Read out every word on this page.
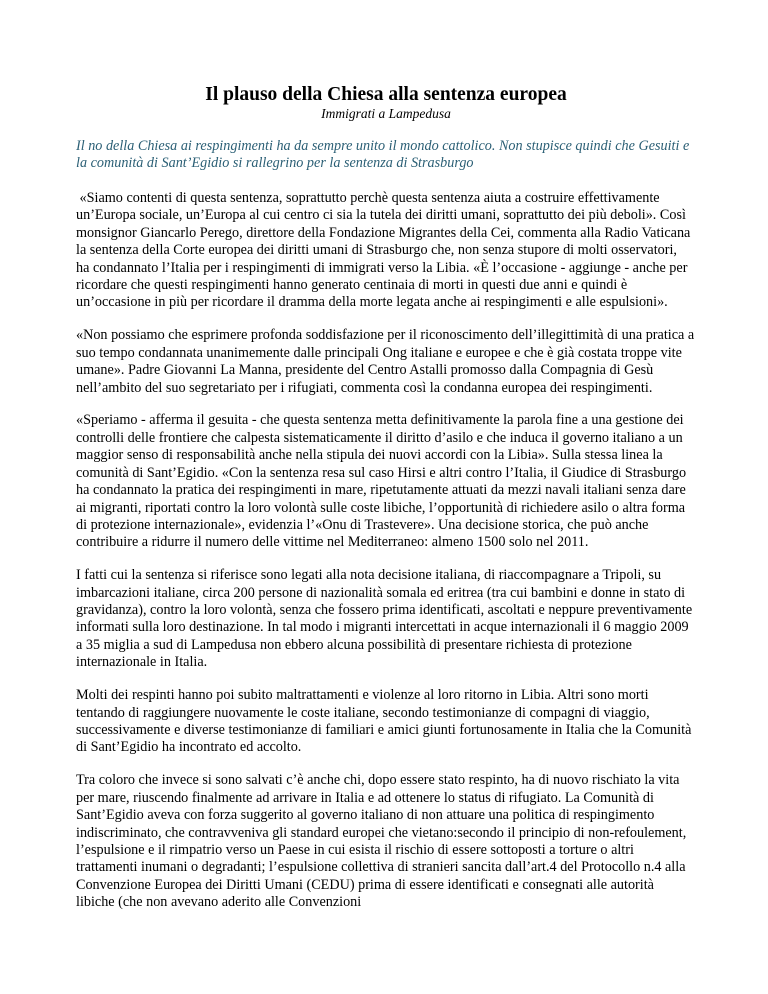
Il plauso della Chiesa alla sentenza europea
Immigrati a Lampedusa

Il no della Chiesa ai respingimenti ha da sempre unito il mondo cattolico. Non stupisce quindi che Gesuiti e la comunità di Sant’Egidio si rallegrino per la sentenza di Strasburgo

«Siamo contenti di questa sentenza, soprattutto perchè questa sentenza aiuta a costruire effettivamente un’Europa sociale, un’Europa al cui centro ci sia la tutela dei diritti umani, soprattutto dei più deboli». Così monsignor Giancarlo Perego, direttore della Fondazione Migrantes della Cei, commenta alla Radio Vaticana la sentenza della Corte europea dei diritti umani di Strasburgo che, non senza stupore di molti osservatori,  ha condannato l’Italia per i respingimenti di immigrati verso la Libia. «È l’occasione - aggiunge - anche per ricordare che questi respingimenti hanno generato centinaia di morti in questi due anni e quindi è un’occasione in più per ricordare il dramma della morte legata anche ai respingimenti e alle espulsioni».

«Non possiamo che esprimere profonda soddisfazione per il riconoscimento dell’illegittimità di una pratica a suo tempo condannata unanimemente dalle principali Ong italiane e europee e che è già costata troppe vite umane». Padre Giovanni La Manna, presidente del Centro Astalli promosso dalla Compagnia di Gesù nell’ambito del suo segretariato per i rifugiati, commenta così la condanna europea dei respingimenti.

«Speriamo - afferma il gesuita - che questa sentenza metta definitivamente la parola fine a una gestione dei controlli delle frontiere che calpesta sistematicamente il diritto d’asilo e che induca il governo italiano a un maggior senso di responsabilità anche nella stipula dei nuovi accordi con la Libia». Sulla stessa linea la comunità di Sant’Egidio. «Con la sentenza resa sul caso Hirsi e altri contro l’Italia, il Giudice di Strasburgo ha condannato la pratica dei respingimenti in mare, ripetutamente attuati da mezzi navali italiani senza dare ai migranti, riportati contro la loro volontà sulle coste libiche, l’opportunità di richiedere asilo o altra forma di protezione internazionale», evidenzia l’«Onu di Trastevere». Una decisione storica, che può anche contribuire a ridurre il numero delle vittime nel Mediterraneo: almeno 1500 solo nel 2011.

I fatti cui la sentenza si riferisce sono legati alla nota decisione italiana, di riaccompagnare a Tripoli, su imbarcazioni italiane, circa 200 persone di nazionalità somala ed eritrea (tra cui bambini e donne in stato di gravidanza), contro la loro volontà, senza che fossero prima identificati, ascoltati e neppure preventivamente informati sulla loro destinazione. In tal modo i migranti intercettati in acque internazionali il 6 maggio 2009 a 35 miglia a sud di Lampedusa non ebbero alcuna possibilità di presentare richiesta di protezione internazionale in Italia.

Molti dei respinti hanno poi subito maltrattamenti e violenze al loro ritorno in Libia. Altri sono morti tentando di raggiungere nuovamente le coste italiane, secondo testimonianze di compagni di viaggio, successivamente e diverse testimonianze di familiari e amici giunti fortunosamente in Italia che la Comunità di Sant’Egidio ha incontrato ed accolto.

Tra coloro che invece si sono salvati c’è anche chi, dopo essere stato respinto, ha di nuovo rischiato la vita per mare, riuscendo finalmente ad arrivare in Italia e ad ottenere lo status di rifugiato. La Comunità di Sant’Egidio aveva con forza suggerito al governo italiano di non attuare una politica di respingimento indiscriminato, che contravveniva gli standard europei che vietano:secondo il principio di non-refoulement, l’espulsione e il rimpatrio verso un Paese in cui esista il rischio di essere sottoposti a torture o altri trattamenti inumani o degradanti; l’espulsione collettiva di stranieri sancita dall’art.4 del Protocollo n.4 alla Convenzione Europea dei Diritti Umani (CEDU) prima di essere identificati e consegnati alle autorità libiche (che non avevano aderito alle Convenzioni
